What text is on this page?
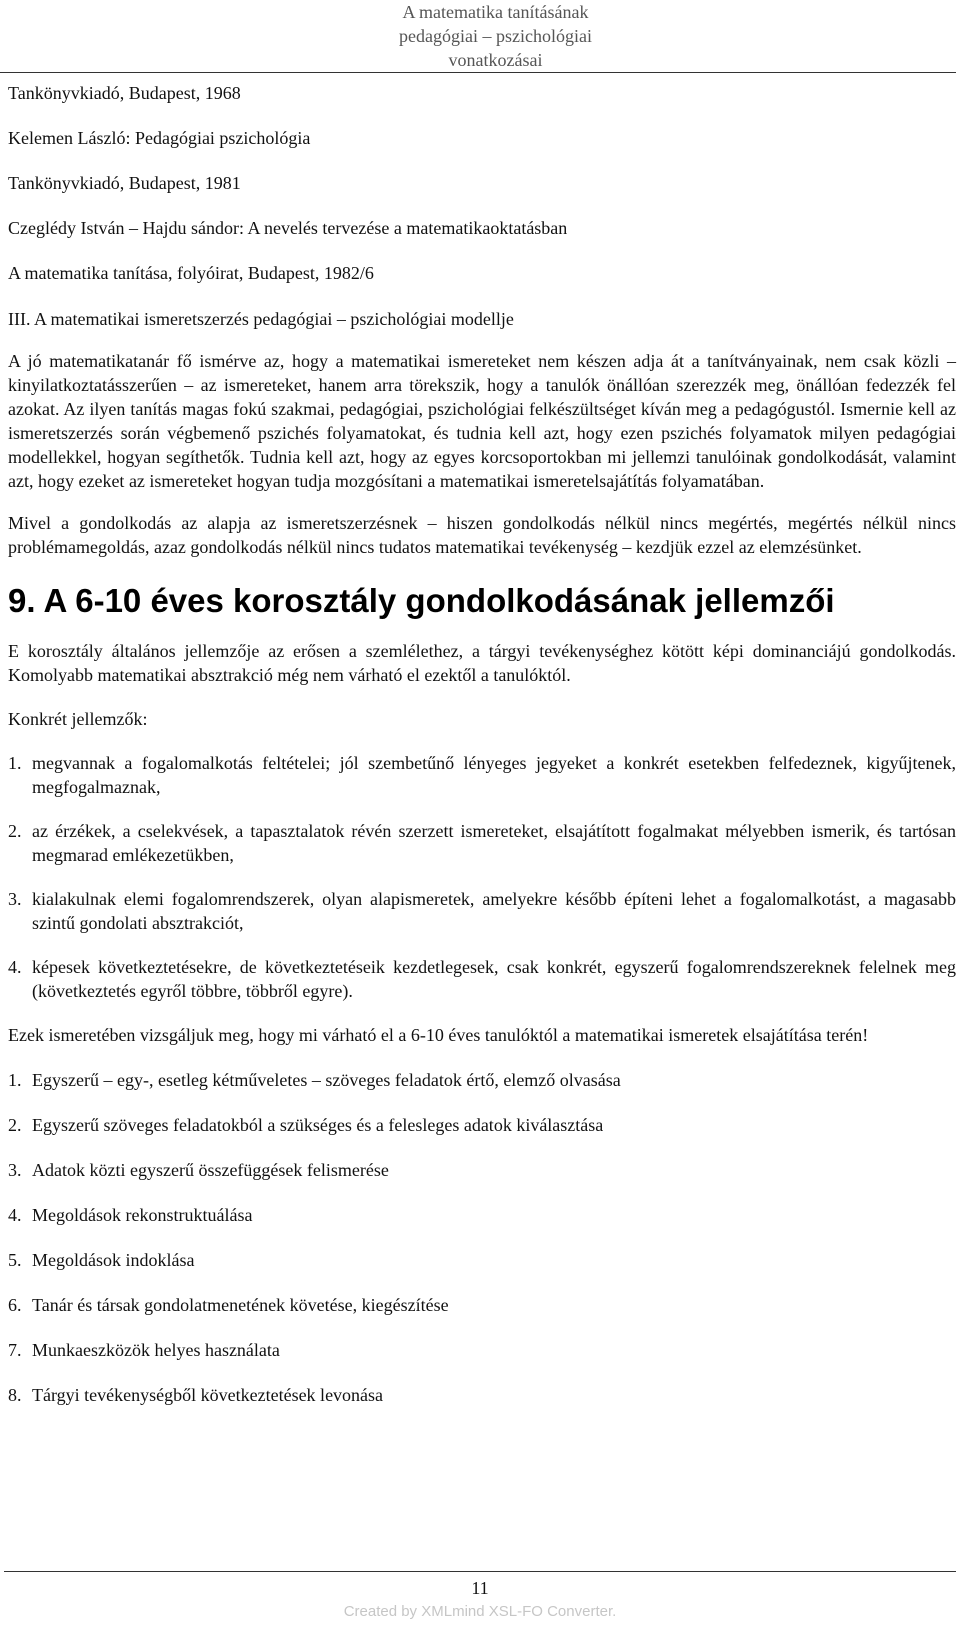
A matematika tanításának
pedagógiai – pszichológiai
vonatkozásai

Tankönyvkiadó, Budapest, 1968

Kelemen László: Pedagógiai pszichológia

Tankönyvkiadó, Budapest, 1981

Czeglédy István – Hajdu sándor: A nevelés tervezése a matematikaoktatásban

A matematika tanítása, folyóirat, Budapest, 1982/6

III. A matematikai ismeretszerzés pedagógiai – pszichológiai modellje

A jó matematikatanár fő ismérve az, hogy a matematikai ismereteket nem készen adja át a tanítványainak, nem csak közli – kinyilatkoztatásszerűen – az ismereteket, hanem arra törekszik, hogy a tanulók önállóan szerezzék meg, önállóan fedezzék fel azokat. Az ilyen tanítás magas fokú szakmai, pedagógiai, pszichológiai felkészültséget kíván meg a pedagógustól. Ismernie kell az ismeretszerzés során végbemenő pszichés folyamatokat, és tudnia kell azt, hogy ezen pszichés folyamatok milyen pedagógiai modellekkel, hogyan segíthetők. Tudnia kell azt, hogy az egyes korcsoportokban mi jellemzi tanulóinak gondolkodását, valamint azt, hogy ezeket az ismereteket hogyan tudja mozgósítani a matematikai ismeretelsajátítás folyamatában.

Mivel a gondolkodás az alapja az ismeretszerzésnek – hiszen gondolkodás nélkül nincs megértés, megértés nélkül nincs problémamegoldás, azaz gondolkodás nélkül nincs tudatos matematikai tevékenység – kezdjük ezzel az elemzésünket.

9. A 6-10 éves korosztály gondolkodásának jellemzői

E korosztály általános jellemzője az erősen a szemlélethez, a tárgyi tevékenységhez kötött képi dominanciájú gondolkodás. Komolyabb matematikai absztrakció még nem várható el ezektől a tanulóktól.

Konkrét jellemzők:

1. megvannak a fogalomalkotás feltételei; jól szembetűnő lényeges jegyeket a konkrét esetekben felfedeznek, kigyűjtenek, megfogalmaznak,
2. az érzékek, a cselekvések, a tapasztalatok révén szerzett ismereteket, elsajátított fogalmakat mélyebben ismerik, és tartósan megmarad emlékezetükben,
3. kialakulnak elemi fogalomrendszerek, olyan alapismeretek, amelyekre később építeni lehet a fogalomalkotást, a magasabb szintű gondolati absztrakciót,
4. képesek következtetésekre, de következtetéseik kezdetlegesek, csak konkrét, egyszerű fogalomrendszereknek felelnek meg (következtetés egyről többre, többről egyre).

Ezek ismeretében vizsgáljuk meg, hogy mi várható el a 6-10 éves tanulóktól a matematikai ismeretek elsajátítása terén!

1. Egyszerű – egy-, esetleg kétműveletes – szöveges feladatok értő, elemző olvasása
2. Egyszerű szöveges feladatokból a szükséges és a felesleges adatok kiválasztása
3. Adatok közti egyszerű összefüggések felismerése
4. Megoldások rekonstruktuálása
5. Megoldások indoklása
6. Tanár és társak gondolatmenetének követése, kiegészítése
7. Munkaeszközök helyes használata
8. Tárgyi tevékenységből következtetések levonása
11
Created by XMLmind XSL-FO Converter.
